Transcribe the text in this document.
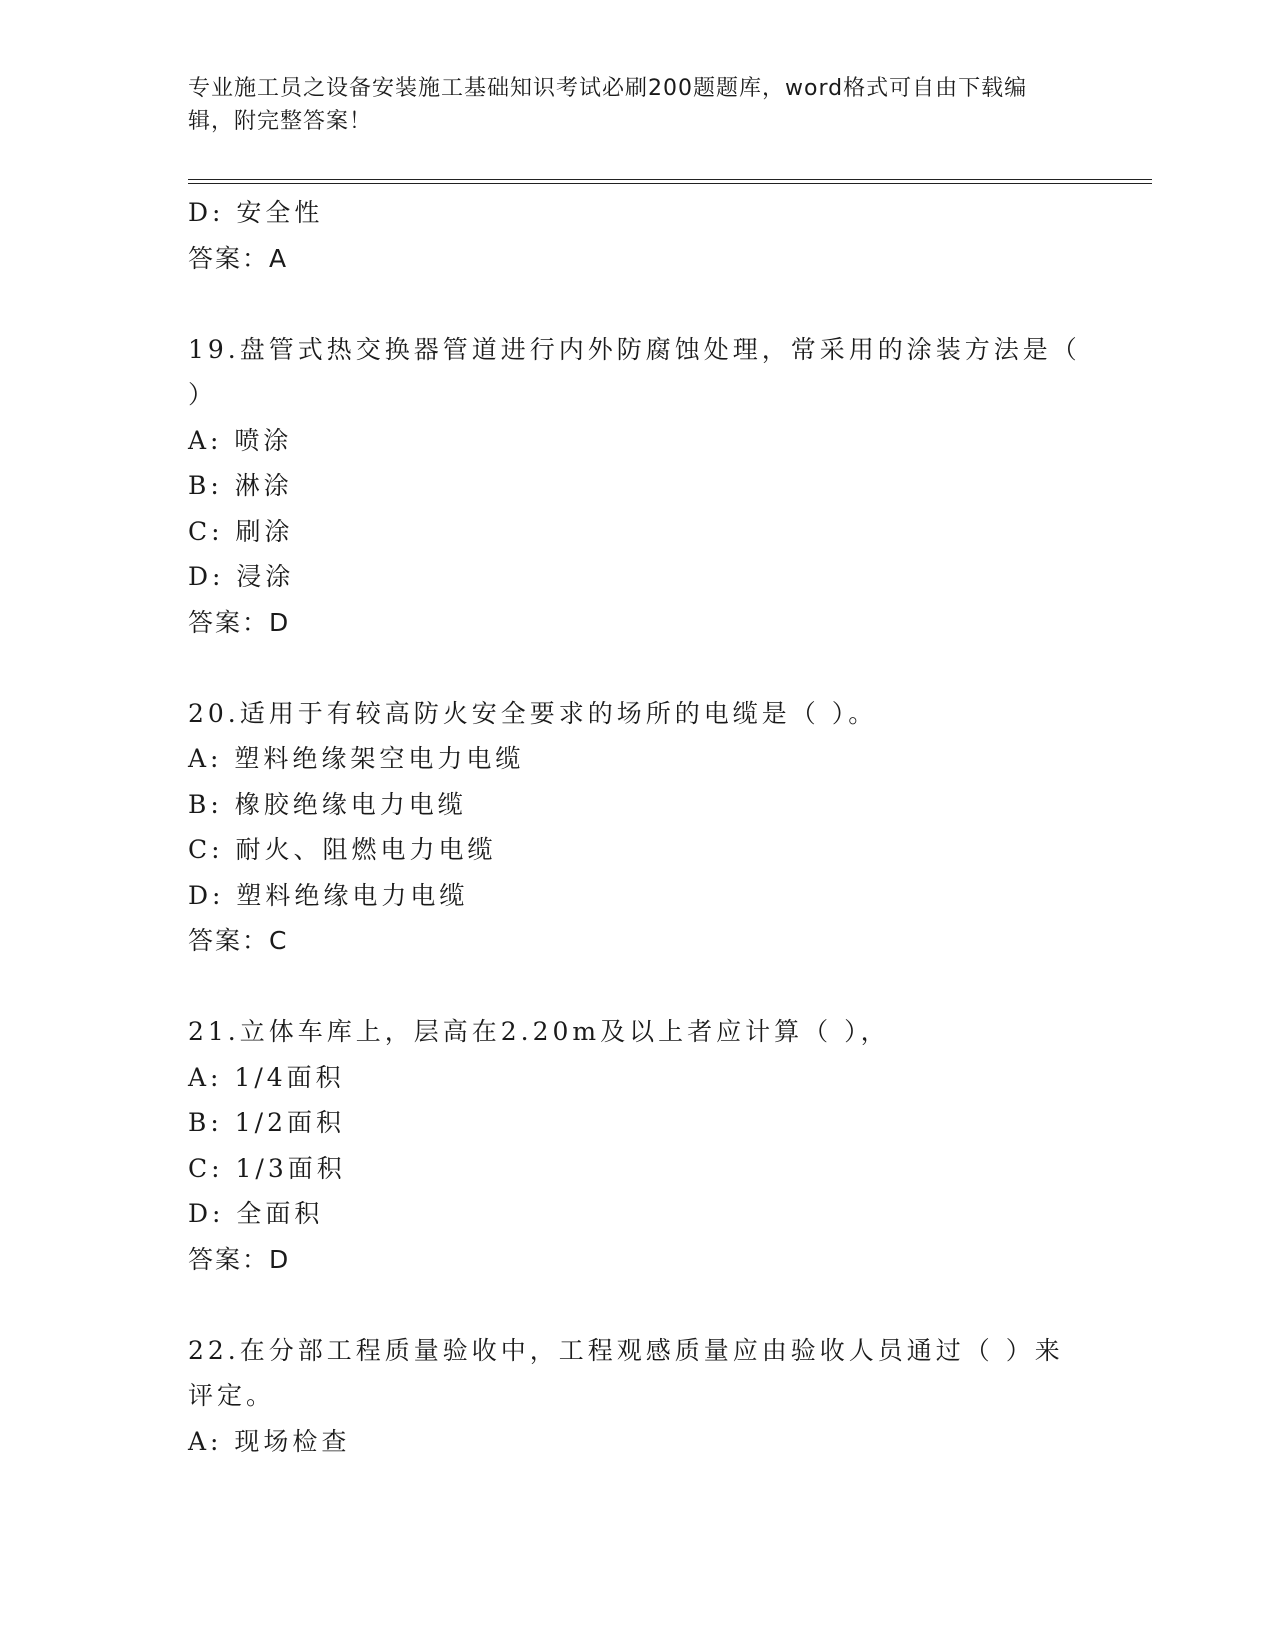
专业施工员之设备安装施工基础知识考试必刷200题题库，word格式可自由下载编辑，附完整答案！
D: 安全性
答案：A
19.盘管式热交换器管道进行内外防腐蚀处理，常采用的涂装方法是（
）
A: 喷涂
B: 淋涂
C: 刷涂
D: 浸涂
答案：D
20.适用于有较高防火安全要求的场所的电缆是（ ）。
A: 塑料绝缘架空电力电缆
B: 橡胶绝缘电力电缆
C: 耐火、阻燃电力电缆
D: 塑料绝缘电力电缆
答案：C
21.立体车库上，层高在2.20m及以上者应计算（ ），
A: 1/4面积
B: 1/2面积
C: 1/3面积
D: 全面积
答案：D
22.在分部工程质量验收中，工程观感质量应由验收人员通过（ ）来
评定。
A: 现场检查
